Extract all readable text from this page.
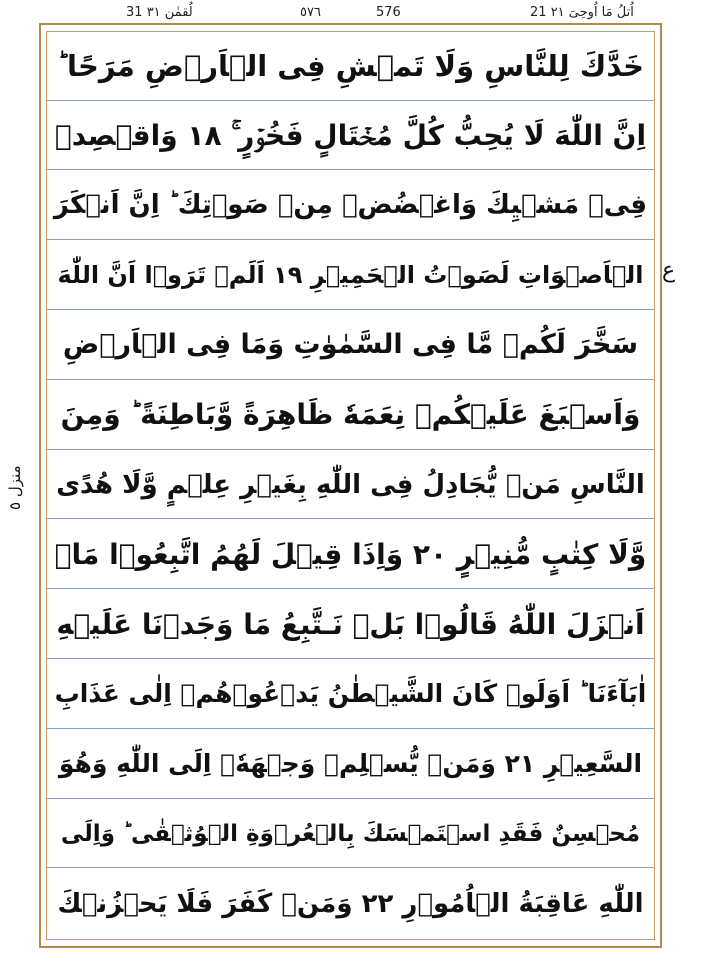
31 لُقمٰن ٣١	٥٧٦	576	21 اُتلُ مَا اُوحِیَ ٢١
خَدَّكَ لِلنَّاسِ وَلَا تَمۡشِ فِى الۡاَرۡضِ مَرَحًا ؕ
اِنَّ اللّٰهَ لَا يُحِبُّ كُلَّ مُخۡتَالٍ فَخُوۡرٍ ۚ‏ ١٨ وَاقۡصِدۡ
فِىۡ مَشۡيِكَ وَاغۡضُضۡ مِنۡ صَوۡتِكَ ؕ اِنَّ اَنۡكَرَ
الۡاَصۡوَاتِ لَصَوۡتُ الۡحَمِيۡرِ ١٩ اَلَمۡ تَرَوۡا اَنَّ اللّٰهَ
سَخَّرَ لَكُمۡ مَّا فِى السَّمٰوٰتِ وَمَا فِى الۡاَرۡضِ
وَاَسۡبَغَ عَلَيۡكُمۡ نِعَمَهٗ ظَاهِرَةً وَّبَاطِنَةً ؕ وَمِنَ
النَّاسِ مَنۡ يُّجَادِلُ فِى اللّٰهِ بِغَيۡرِ عِلۡمٍ وَّلَا هُدًى
وَّلَا كِتٰبٍ مُّنِيۡرٍ ٢٠ وَاِذَا قِيۡلَ لَهُمُ اتَّبِعُوۡا مَاۤ
اَنۡزَلَ اللّٰهُ قَالُوۡا بَلۡ نَـتَّبِعُ مَا وَجَدۡنَا عَلَيۡهِ
اٰبَآءَنَا ؕ اَوَلَوۡ كَانَ الشَّيۡطٰنُ يَدۡعُوۡهُمۡ اِلٰى عَذَابِ
السَّعِيۡرِ ٢١ وَمَنۡ يُّسۡلِمۡ وَجۡهَهٗۤ اِلَى اللّٰهِ وَهُوَ
مُحۡسِنٌ فَقَدِ اسۡتَمۡسَكَ بِالۡعُرۡوَةِ الۡوُثۡقٰى ؕ وَاِلَى
اللّٰهِ عَاقِبَةُ الۡاُمُوۡرِ ٢٢ وَمَنۡ كَفَرَ فَلَا يَحۡزُنۡكَ
ع
منزل ٥
